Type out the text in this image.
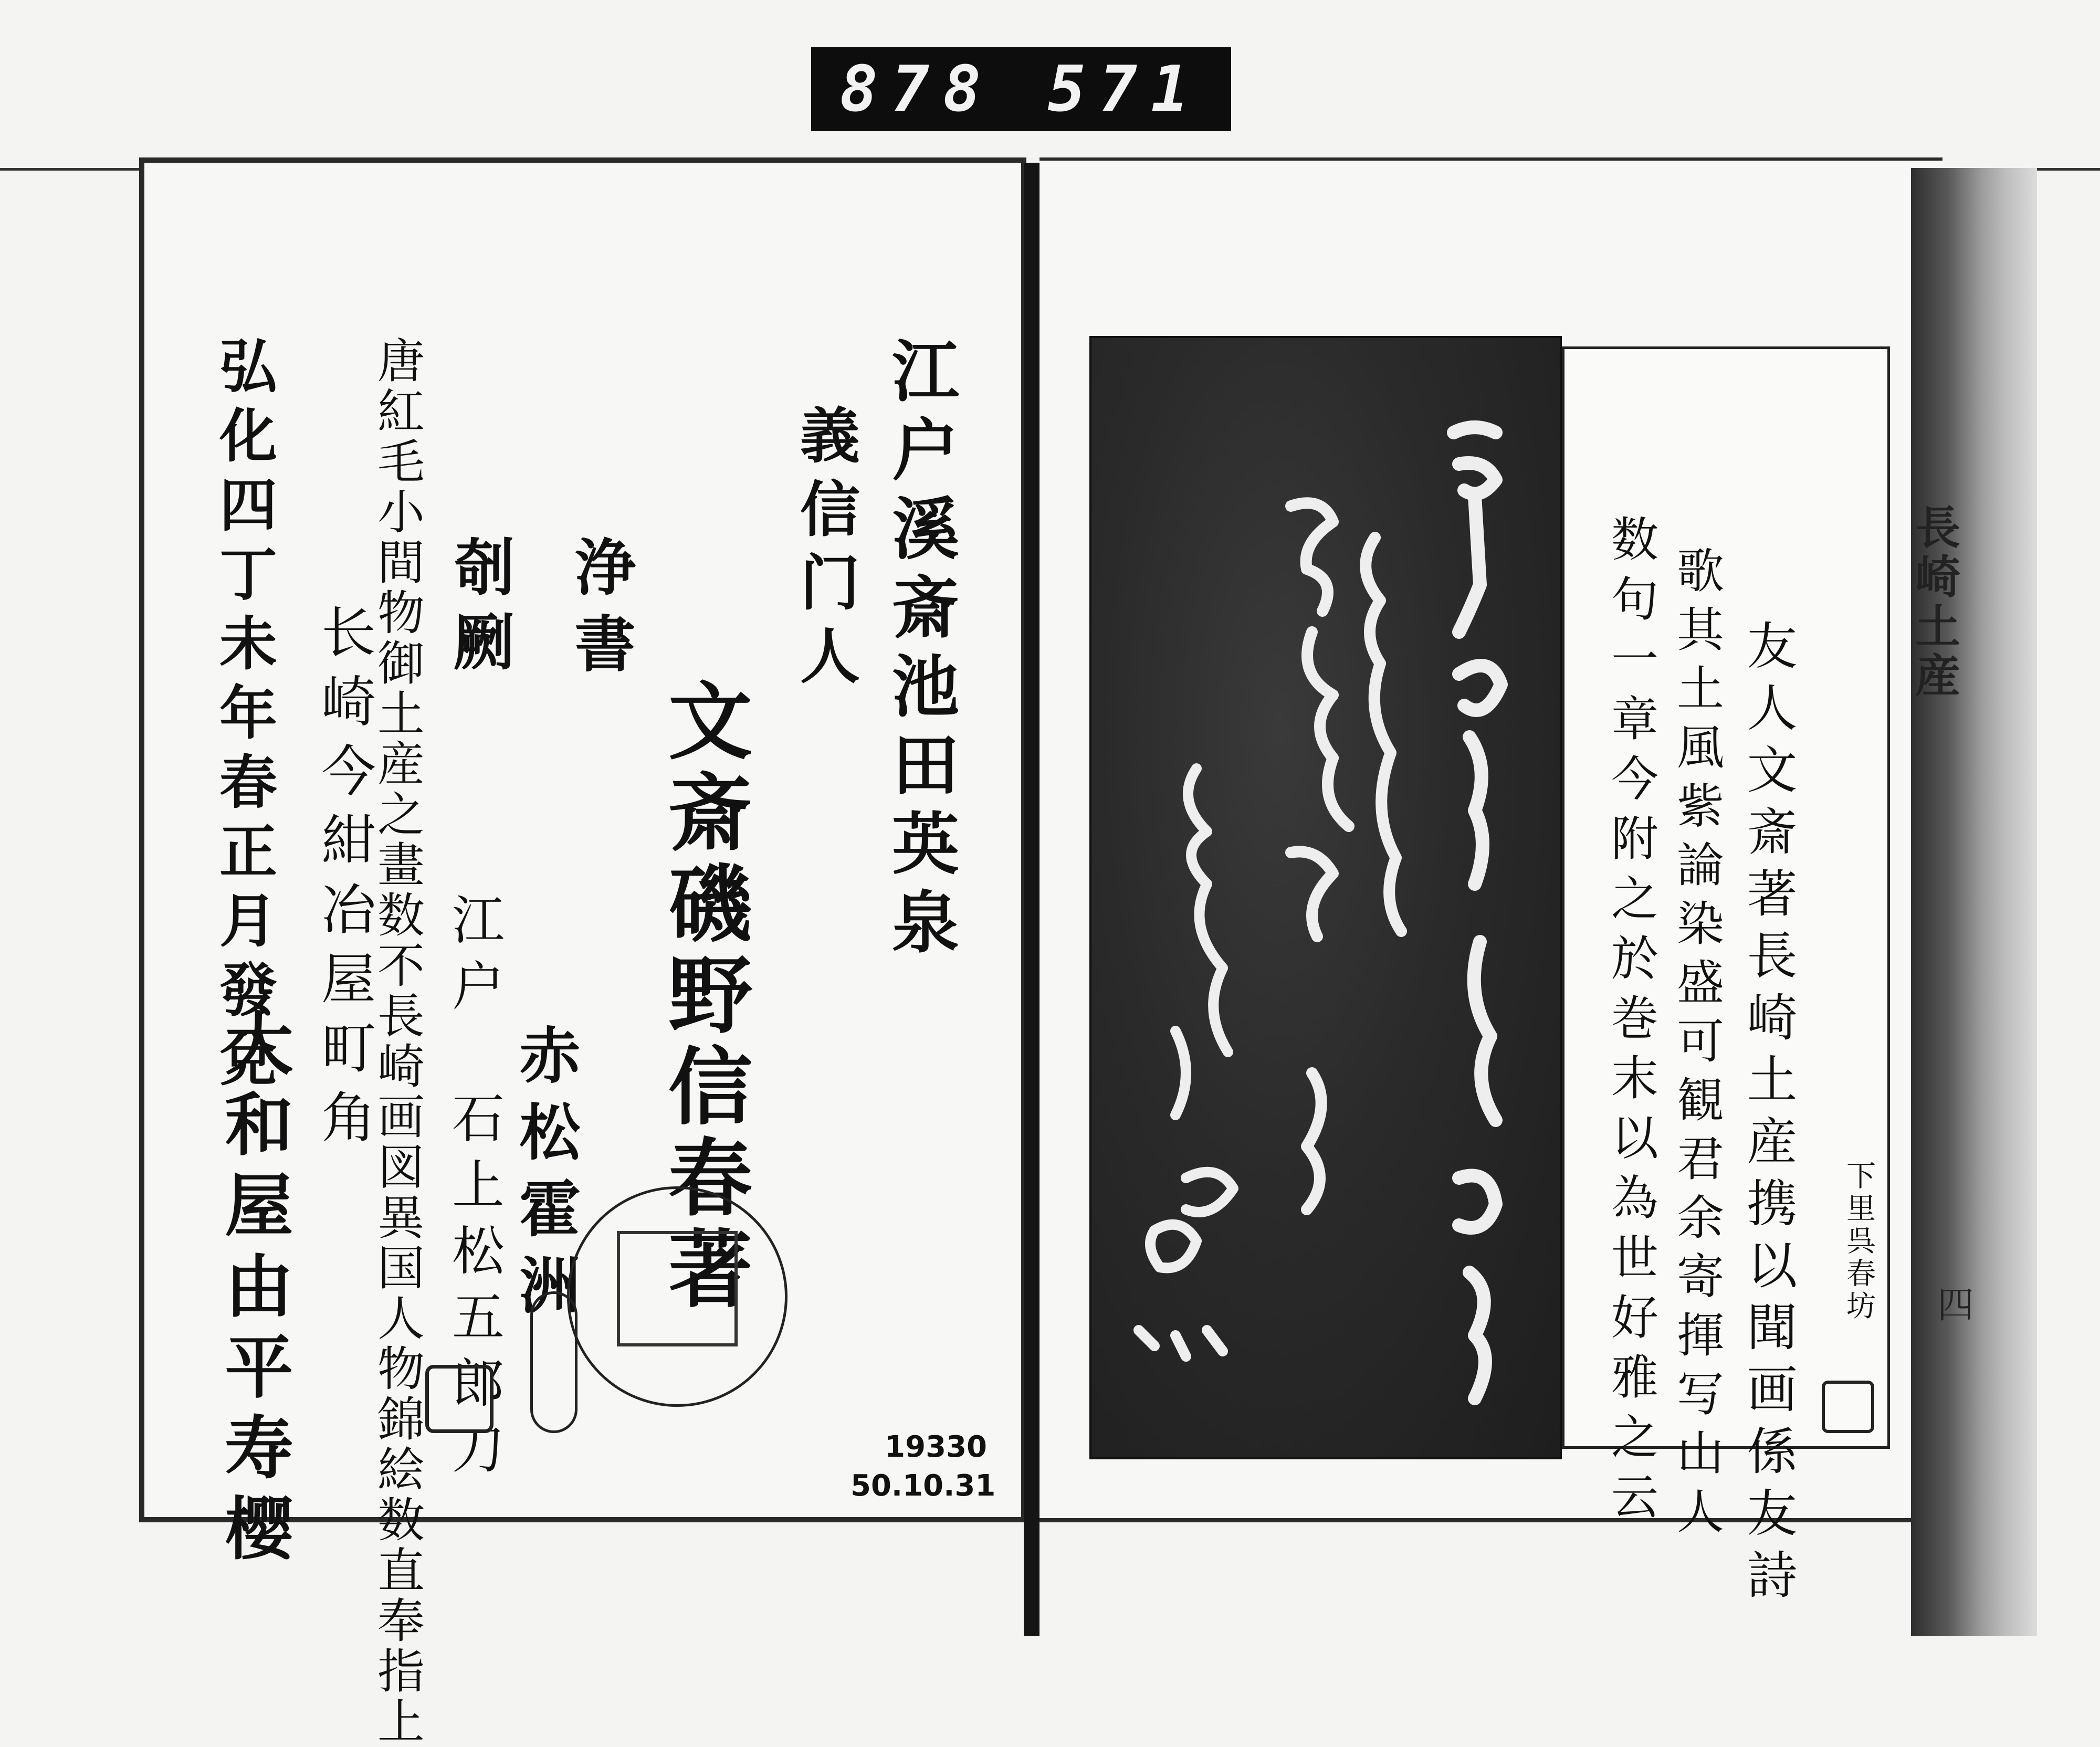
878 571
長崎土産
四
江户溪斎池田英泉
義信门人
文斎磯野信春著
浄書
赤松霍洲
剞劂
江户　石上松五郎刀
唐紅毛小間物御土産之畫数不長崎画図異国人物錦絵数直奉指上
长崎今紺冶屋町角
弘化四丁未年春正月發兌
大和屋由平寿樱	19330
50.10.31	友人文斎著長崎土産携以聞画係友詩
歌其土風紫論染盛可観君余寄揮写山人
数句一章今附之於巻末以為世好雅之云	下里呉春坊
